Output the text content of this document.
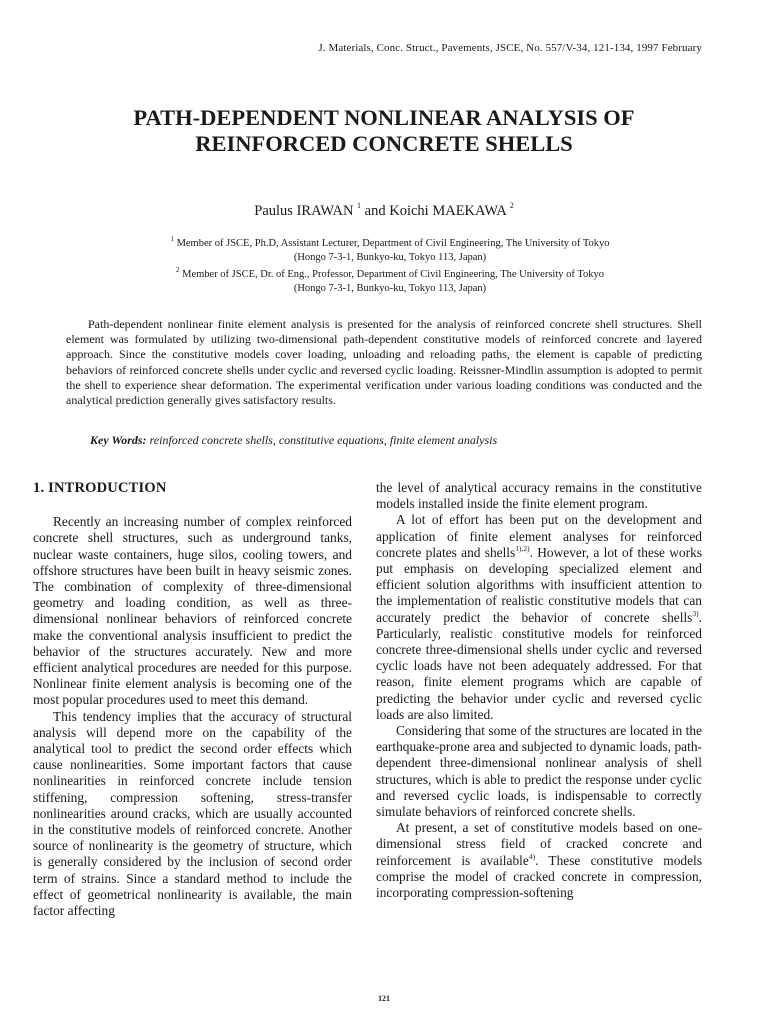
J. Materials, Conc. Struct., Pavements, JSCE, No. 557/V-34, 121-134, 1997 February
PATH-DEPENDENT NONLINEAR ANALYSIS OF
REINFORCED CONCRETE SHELLS
Paulus IRAWAN $^1$ and Koichi MAEKAWA $^2$
$^1$ Member of JSCE, Ph.D, Assistant Lecturer, Department of Civil Engineering, The University of Tokyo
(Hongo 7-3-1, Bunkyo-ku, Tokyo 113, Japan)
$^2$ Member of JSCE, Dr. of Eng., Professor, Department of Civil Engineering, The University of Tokyo
(Hongo 7-3-1, Bunkyo-ku, Tokyo 113, Japan)

Path-dependent nonlinear finite element analysis is presented for the analysis of reinforced concrete shell structures. Shell element was formulated by utilizing two-dimensional path-dependent constitutive models of reinforced concrete and layered approach. Since the constitutive models cover loading, unloading and reloading paths, the element is capable of predicting behaviors of reinforced concrete shells under cyclic and reversed cyclic loading. Reissner-Mindlin assumption is adopted to permit the shell to experience shear deformation. The experimental verification under various loading conditions was conducted and the analytical prediction generally gives satisfactory results.

Key Words: reinforced concrete shells, constitutive equations, finite element analysis

1. INTRODUCTION

Recently an increasing number of complex reinforced concrete shell structures, such as underground tanks, nuclear waste containers, huge silos, cooling towers, and offshore structures have been built in heavy seismic zones. The combination of complexity of three-dimensional geometry and loading condition, as well as three-dimensional nonlinear behaviors of reinforced concrete make the conventional analysis insufficient to predict the behavior of the structures accurately. New and more efficient analytical procedures are needed for this purpose. Nonlinear finite element analysis is becoming one of the most popular procedures used to meet this demand.

This tendency implies that the accuracy of structural analysis will depend more on the capability of the analytical tool to predict the second order effects which cause nonlinearities. Some important factors that cause nonlinearities in reinforced concrete include tension stiffening, compression softening, stress-transfer nonlinearities around cracks, which are usually accounted in the constitutive models of reinforced concrete. Another source of nonlinearity is the geometry of structure, which is generally considered by the inclusion of second order term of strains. Since a standard method to include the effect of geometrical nonlinearity is available, the main factor affecting

the level of analytical accuracy remains in the constitutive models installed inside the finite element program.

A lot of effort has been put on the development and application of finite element analyses for reinforced concrete plates and shells$^{1),2)}$. However, a lot of these works put emphasis on developing specialized element and efficient solution algorithms with insufficient attention to the implementation of realistic constitutive models that can accurately predict the behavior of concrete shells$^{3)}$. Particularly, realistic constitutive models for reinforced concrete three-dimensional shells under cyclic and reversed cyclic loads have not been adequately addressed. For that reason, finite element programs which are capable of predicting the behavior under cyclic and reversed cyclic loads are also limited.

Considering that some of the structures are located in the earthquake-prone area and subjected to dynamic loads, path-dependent three-dimensional nonlinear analysis of shell structures, which is able to predict the response under cyclic and reversed cyclic loads, is indispensable to correctly simulate behaviors of reinforced concrete shells.

At present, a set of constitutive models based on one-dimensional stress field of cracked concrete and reinforcement is available$^{4)}$. These constitutive models comprise the model of cracked concrete in compression, incorporating compression-softening

121
